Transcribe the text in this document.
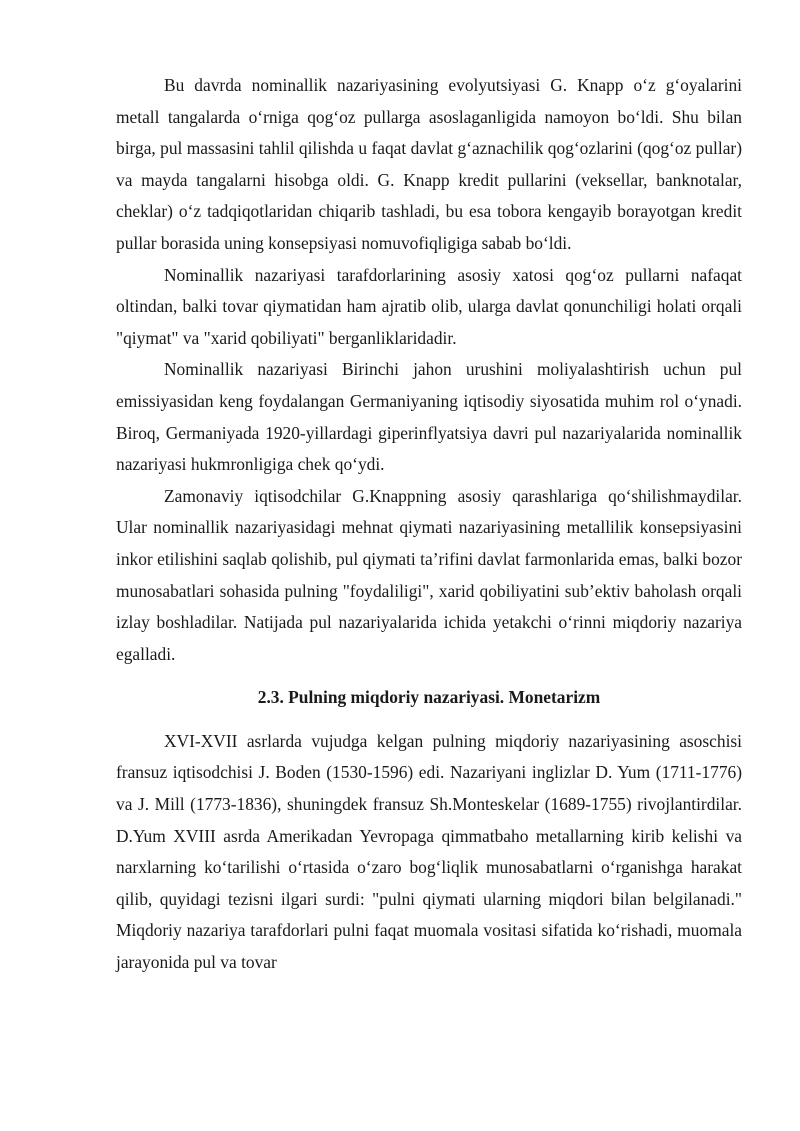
Bu davrda nominallik nazariyasining evolyutsiyasi G. Knapp o‘z g‘oyalarini metall tangalarda o‘rniga qog‘oz pullarga asoslaganligida namoyon bo‘ldi. Shu bilan birga, pul massasini tahlil qilishda u faqat davlat g‘aznachilik qog‘ozlarini (qog‘oz pullar) va mayda tangalarni hisobga oldi. G. Knapp kredit pullarini (veksellar, banknotalar, cheklar) o‘z tadqiqotlaridan chiqarib tashladi, bu esa tobora kengayib borayotgan kredit pullar borasida uning konsepsiyasi nomuvofiqligiga sabab bo‘ldi.

Nominallik nazariyasi tarafdorlarining asosiy xatosi qog‘oz pullarni nafaqat oltindan, balki tovar qiymatidan ham ajratib olib, ularga davlat qonunchiligi holati orqali "qiymat" va "xarid qobiliyati" berganliklaridadir.

Nominallik nazariyasi Birinchi jahon urushini moliyalashtirish uchun pul emissiyasidan keng foydalangan Germaniyaning iqtisodiy siyosatida muhim rol o‘ynadi. Biroq, Germaniyada 1920-yillardagi giperinflyatsiya davri pul nazariyalarida nominallik nazariyasi hukmronligiga chek qo‘ydi.

Zamonaviy iqtisodchilar G.Knappning asosiy qarashlariga qo‘shilishmaydilar. Ular nominallik nazariyasidagi mehnat qiymati nazariyasining metallilik konsepsiyasini inkor etilishini saqlab qolishib, pul qiymati ta’rifini davlat farmonlarida emas, balki bozor munosabatlari sohasida pulning "foydaliligi", xarid qobiliyatini sub’ektiv baholash orqali izlay boshladilar. Natijada pul nazariyalarida ichida yetakchi o‘rinni miqdoriy nazariya egalladi.

2.3. Pulning miqdoriy nazariyasi. Monetarizm

XVI-XVII asrlarda vujudga kelgan pulning miqdoriy nazariyasining asoschisi fransuz iqtisodchisi J. Boden (1530-1596) edi. Nazariyani inglizlar D. Yum (1711-1776) va J. Mill (1773-1836), shuningdek fransuz Sh.Monteskelar (1689-1755) rivojlantirdilar. D.Yum XVIII asrda Amerikadan Yevropaga qimmatbaho metallarning kirib kelishi va narxlarning ko‘tarilishi o‘rtasida o‘zaro bog‘liqlik munosabatlarni o‘rganishga harakat qilib, quyidagi tezisni ilgari surdi: "pulni qiymati ularning miqdori bilan belgilanadi." Miqdoriy nazariya tarafdorlari pulni faqat muomala vositasi sifatida ko‘rishadi, muomala jarayonida pul va tovar
